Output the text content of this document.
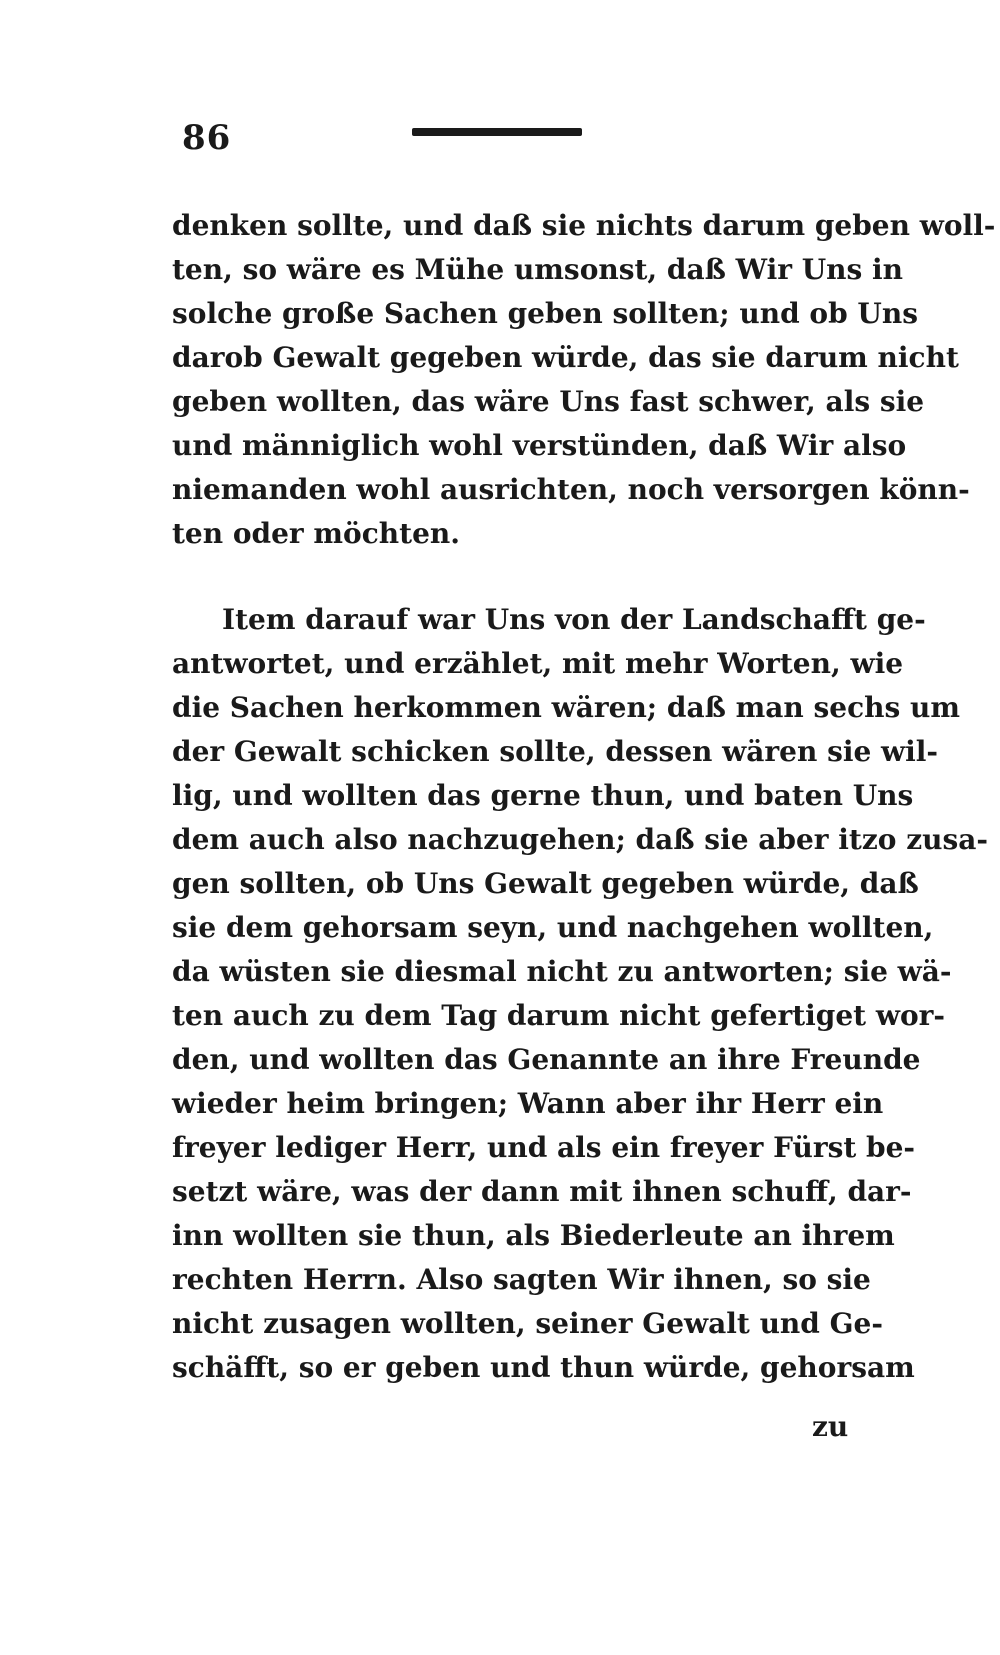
86
denken sollte, und daß sie nichts darum geben woll-
ten, so wäre es Mühe umsonst, daß Wir Uns in
solche große Sachen geben sollten; und ob Uns
darob Gewalt gegeben würde, das sie darum nicht
geben wollten, das wäre Uns fast schwer, als sie
und männiglich wohl verstünden, daß Wir also
niemanden wohl ausrichten, noch versorgen könn-
ten oder möchten.
Item darauf war Uns von der Landschafft ge-
antwortet, und erzählet, mit mehr Worten, wie
die Sachen herkommen wären; daß man sechs um
der Gewalt schicken sollte, dessen wären sie wil-
lig, und wollten das gerne thun, und baten Uns
dem auch also nachzugehen; daß sie aber itzo zusa-
gen sollten, ob Uns Gewalt gegeben würde, daß
sie dem gehorsam seyn, und nachgehen wollten,
da wüsten sie diesmal nicht zu antworten; sie wä-
ten auch zu dem Tag darum nicht gefertiget wor-
den, und wollten das Genannte an ihre Freunde
wieder heim bringen; Wann aber ihr Herr ein
freyer lediger Herr, und als ein freyer Fürst be-
setzt wäre, was der dann mit ihnen schuff, dar-
inn wollten sie thun, als Biederleute an ihrem
rechten Herrn. Also sagten Wir ihnen, so sie
nicht zusagen wollten, seiner Gewalt und Ge-
schäfft, so er geben und thun würde, gehorsam
zu
